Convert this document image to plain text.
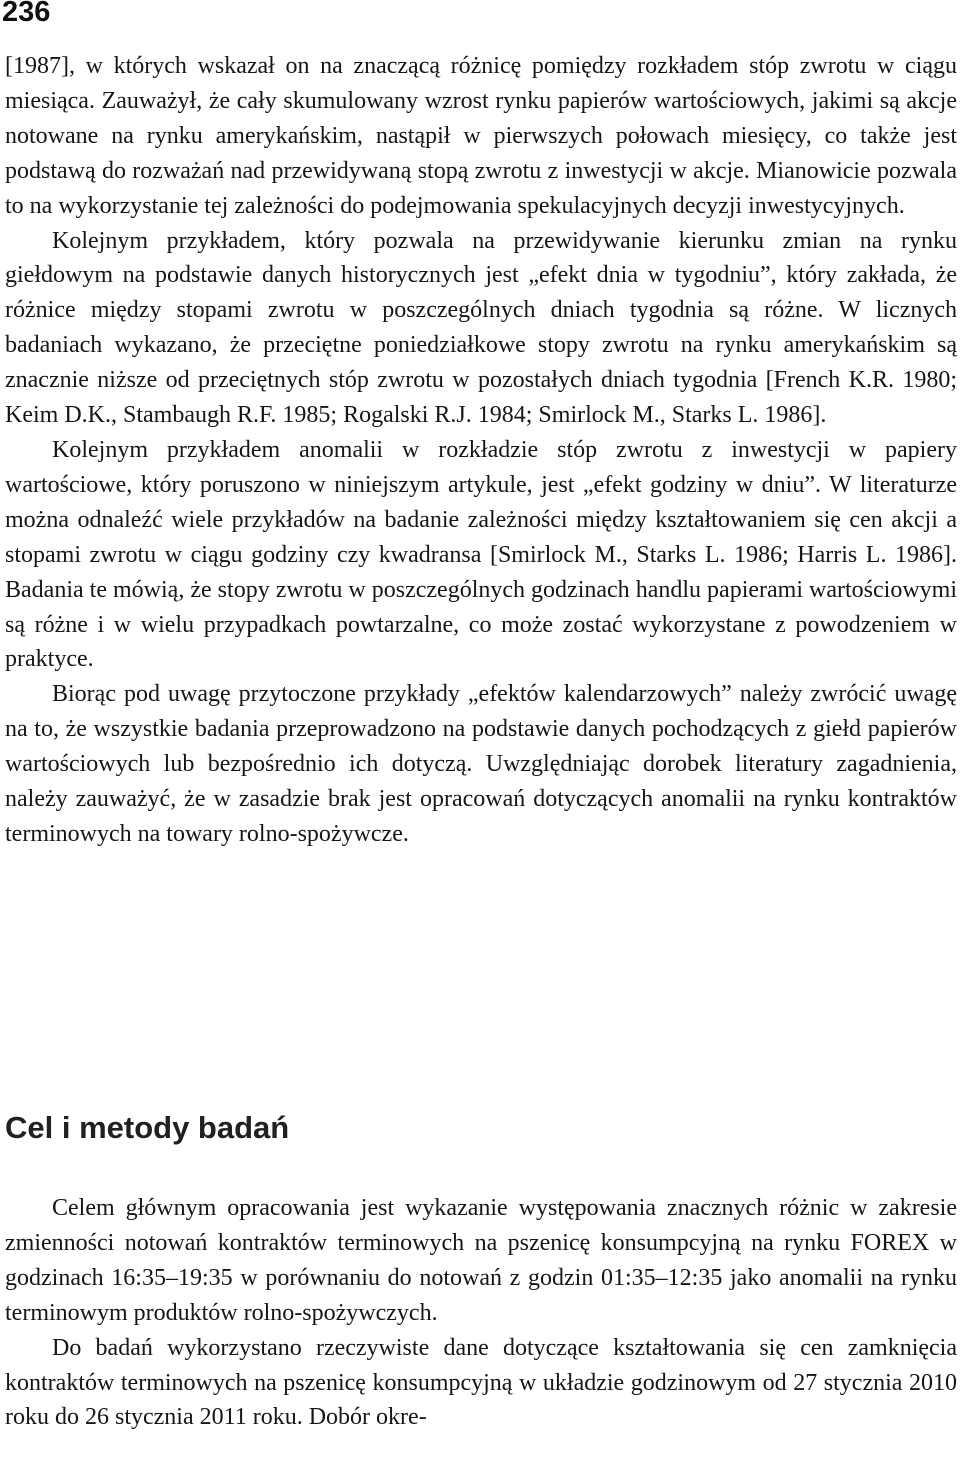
236

[1987], w których wskazał on na znaczącą różnicę pomiędzy rozkładem stóp zwrotu w ciągu miesiąca. Zauważył, że cały skumulowany wzrost rynku papierów wartościowych, jakimi są akcje notowane na rynku amerykańskim, nastąpił w pierwszych połowach miesięcy, co także jest podstawą do rozważań nad przewidywaną stopą zwrotu z inwestycji w akcje. Mianowicie pozwala to na wykorzystanie tej zależności do podejmowania spekulacyjnych decyzji inwestycyjnych.

Kolejnym przykładem, który pozwala na przewidywanie kierunku zmian na rynku giełdowym na podstawie danych historycznych jest „efekt dnia w tygodniu”, który zakłada, że różnice między stopami zwrotu w poszczególnych dniach tygodnia są różne. W licznych badaniach wykazano, że przeciętne poniedziałkowe stopy zwrotu na rynku amerykańskim są znacznie niższe od przeciętnych stóp zwrotu w pozostałych dniach tygodnia [French K.R. 1980; Keim D.K., Stambaugh R.F. 1985; Rogalski R.J. 1984; Smirlock M., Starks L. 1986].

Kolejnym przykładem anomalii w rozkładzie stóp zwrotu z inwestycji w papiery wartościowe, który poruszono w niniejszym artykule, jest „efekt godziny w dniu”. W literaturze można odnaleźć wiele przykładów na badanie zależności między kształtowaniem się cen akcji a stopami zwrotu w ciągu godziny czy kwadransa [Smirlock M., Starks L. 1986; Harris L. 1986]. Badania te mówią, że stopy zwrotu w poszczególnych godzinach handlu papierami wartościowymi są różne i w wielu przypadkach powtarzalne, co może zostać wykorzystane z powodzeniem w praktyce.

Biorąc pod uwagę przytoczone przykłady „efektów kalendarzowych” należy zwrócić uwagę na to, że wszystkie badania przeprowadzono na podstawie danych pochodzących z giełd papierów wartościowych lub bezpośrednio ich dotyczą. Uwzględniając dorobek literatury zagadnienia, należy zauważyć, że w zasadzie brak jest opracowań dotyczących anomalii na rynku kontraktów terminowych na towary rolno-spożywcze.

Cel i metody badań

Celem głównym opracowania jest wykazanie występowania znacznych różnic w zakresie zmienności notowań kontraktów terminowych na pszenicę konsumpcyjną na rynku FOREX w godzinach 16:35–19:35 w porównaniu do notowań z godzin 01:35–12:35 jako anomalii na rynku terminowym produktów rolno-spożywczych.

Do badań wykorzystano rzeczywiste dane dotyczące kształtowania się cen zamknięcia kontraktów terminowych na pszenicę konsumpcyjną w układzie godzinowym od 27 stycznia 2010 roku do 26 stycznia 2011 roku. Dobór okre-
